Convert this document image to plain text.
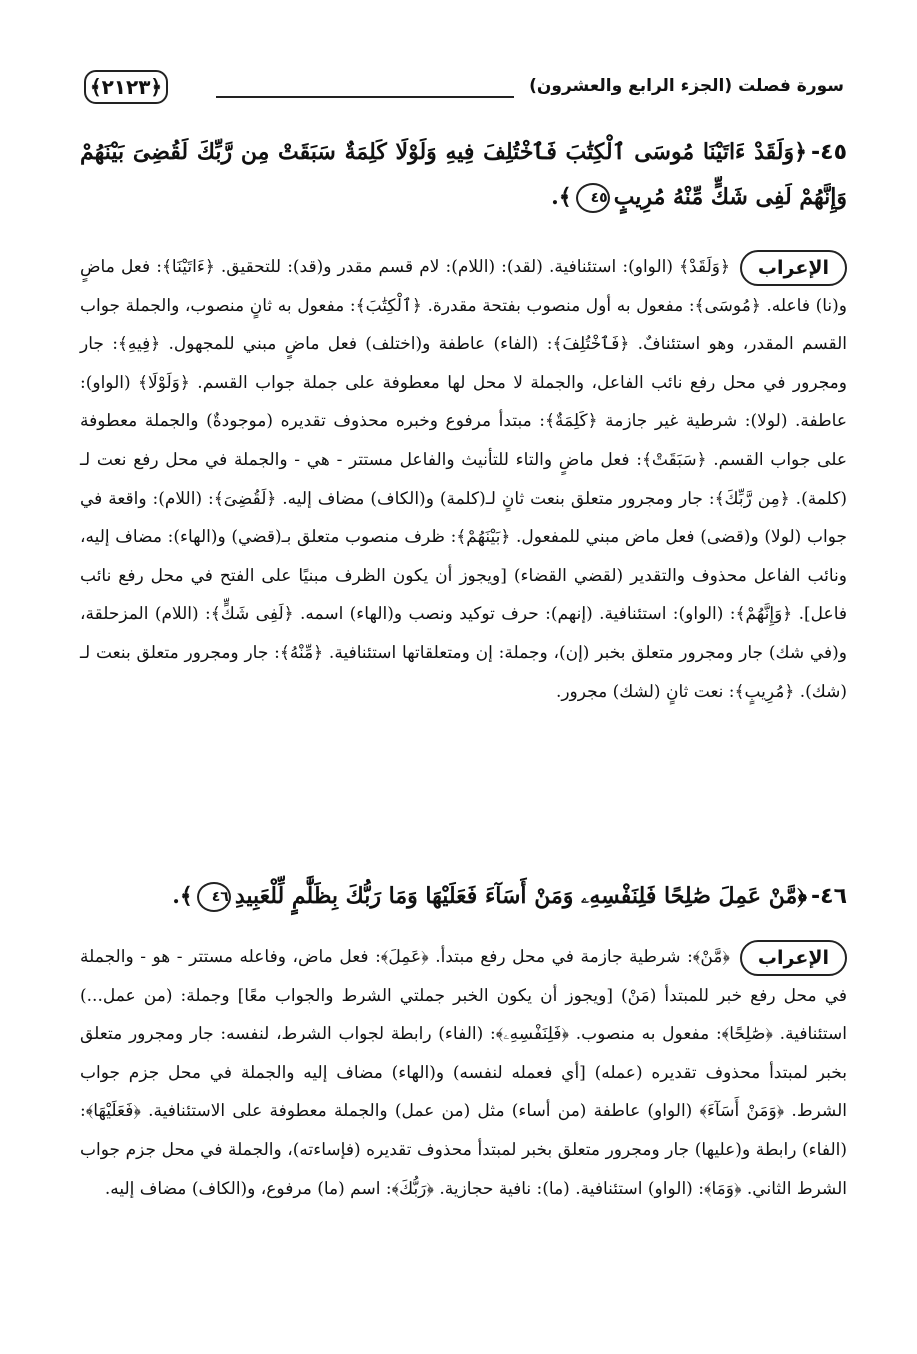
سورة فصلت (الجزء الرابع والعشرون)
﴿٢١٢٣﴾
٤٥-﴿وَلَقَدْ ءَاتَيْنَا مُوسَى ٱلْكِتَٰبَ فَٱخْتُلِفَ فِيهِ وَلَوْلَا كَلِمَةٌ سَبَقَتْ مِن رَّبِّكَ لَقُضِىَ بَيْنَهُمْ وَإِنَّهُمْ لَفِى شَكٍّ مِّنْهُ مُرِيبٍ٤٥﴾.
الإعراب
﴿وَلَقَدْ﴾ (الواو): استئنافية. (لقد): (اللام): لام قسم مقدر و(قد): للتحقيق. ﴿ءَاتَيْنَا﴾: فعل ماضٍ و(نا) فاعله. ﴿مُوسَى﴾: مفعول به أول منصوب بفتحة مقدرة. ﴿ٱلْكِتَٰبَ﴾: مفعول به ثانٍ منصوب، والجملة جواب القسم المقدر، وهو استئنافٌ. ﴿فَٱخْتُلِفَ﴾: (الفاء) عاطفة و(اختلف) فعل ماضٍ مبني للمجهول. ﴿فِيهِ﴾: جار ومجرور في محل رفع نائب الفاعل، والجملة لا محل لها معطوفة على جملة جواب القسم. ﴿وَلَوْلَا﴾ (الواو): عاطفة. (لولا): شرطية غير جازمة ﴿كَلِمَةٌ﴾: مبتدأ مرفوع وخبره محذوف تقديره (موجودةٌ) والجملة معطوفة على جواب القسم. ﴿سَبَقَتْ﴾: فعل ماضٍ والتاء للتأنيث والفاعل مستتر - هي - والجملة في محل رفع نعت لـ (كلمة). ﴿مِن رَّبِّكَ﴾: جار ومجرور متعلق بنعت ثانٍ لـ(كلمة) و(الكاف) مضاف إليه. ﴿لَقُضِىَ﴾: (اللام): واقعة في جواب (لولا) و(قضى) فعل ماض مبني للمفعول. ﴿بَيْنَهُمْ﴾: ظرف منصوب متعلق بـ(قضي) و(الهاء): مضاف إليه، ونائب الفاعل محذوف والتقدير (لقضي القضاء) [ويجوز أن يكون الظرف مبنيًا على الفتح في محل رفع نائب فاعل]. ﴿وَإِنَّهُمْ﴾: (الواو): استئنافية. (إنهم): حرف توكيد ونصب و(الهاء) اسمه. ﴿لَفِى شَكٍّ﴾: (اللام) المزحلقة، و(في شك) جار ومجرور متعلق بخبر (إن)، وجملة: إن ومتعلقاتها استئنافية. ﴿مِّنْهُ﴾: جار ومجرور متعلق بنعت لـ (شك). ﴿مُرِيبٍ﴾: نعت ثانٍ (لشك) مجرور.
٤٦-﴿مَّنْ عَمِلَ صَٰلِحًا فَلِنَفْسِهِۦ وَمَنْ أَسَآءَ فَعَلَيْهَا وَمَا رَبُّكَ بِظَلَّٰمٍ لِّلْعَبِيدِ٤٦﴾.
الإعراب
﴿مَّنْ﴾: شرطية جازمة في محل رفع مبتدأ. ﴿عَمِلَ﴾: فعل ماض، وفاعله مستتر - هو - والجملة في محل رفع خبر للمبتدأ (مَنْ) [ويجوز أن يكون الخبر جملتي الشرط والجواب معًا] وجملة: (من عمل...) استئنافية. ﴿صَٰلِحًا﴾: مفعول به منصوب. ﴿فَلِنَفْسِهِۦ﴾: (الفاء) رابطة لجواب الشرط، لنفسه: جار ومجرور متعلق بخبر لمبتدأ محذوف تقديره (عمله) [أي فعمله لنفسه) و(الهاء) مضاف إليه والجملة في محل جزم جواب الشرط. ﴿وَمَنْ أَسَآءَ﴾ (الواو) عاطفة (من أساء) مثل (من عمل) والجملة معطوفة على الاستئنافية. ﴿فَعَلَيْهَا﴾: (الفاء) رابطة و(عليها) جار ومجرور متعلق بخبر لمبتدأ محذوف تقديره (فإساءته)، والجملة في محل جزم جواب الشرط الثاني. ﴿وَمَا﴾: (الواو) استئنافية. (ما): نافية حجازية. ﴿رَبُّكَ﴾: اسم (ما) مرفوع، و(الكاف) مضاف إليه.
